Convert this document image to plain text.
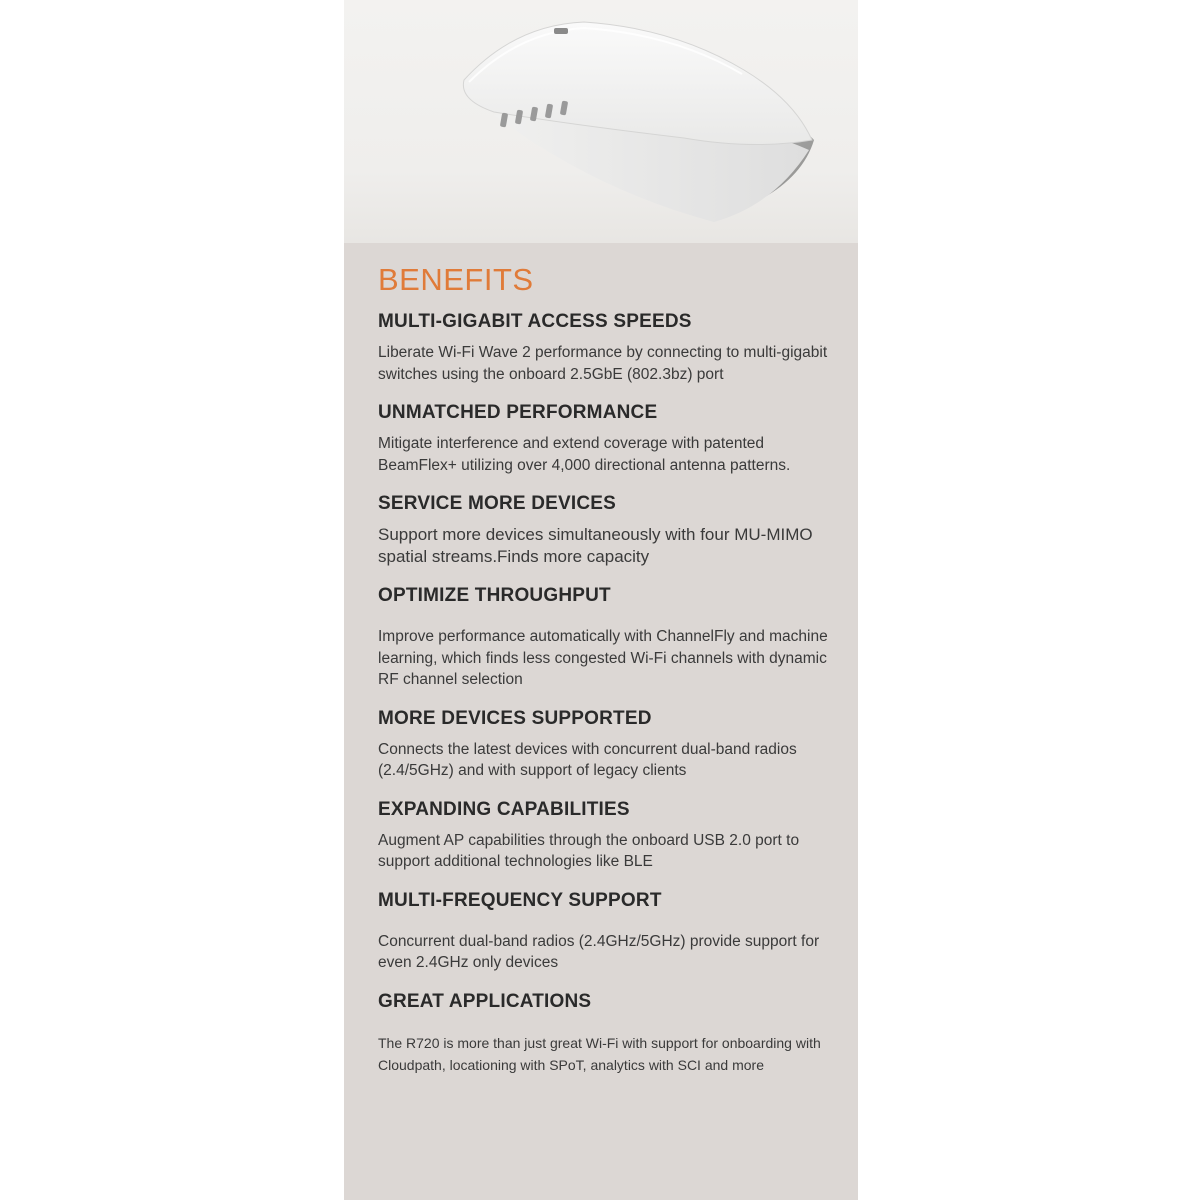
BENEFITS
MULTI-GIGABIT ACCESS SPEEDS

Liberate Wi-Fi Wave 2 performance by connecting to multi-gigabit switches using the onboard 2.5GbE (802.3bz) port

UNMATCHED PERFORMANCE

Mitigate interference and extend coverage with patented BeamFlex+ utilizing over 4,000 directional antenna patterns.

SERVICE MORE DEVICES

Support more devices simultaneously with four MU-MIMO spatial streams.Finds more capacity

OPTIMIZE THROUGHPUT

Improve performance automatically with ChannelFly and machine learning, which finds less congested Wi-Fi channels with dynamic RF channel selection

MORE DEVICES SUPPORTED

Connects the latest devices with concurrent dual-band radios (2.4/5GHz) and with support of legacy clients

EXPANDING CAPABILITIES

Augment AP capabilities through the onboard USB 2.0 port to support additional technologies like BLE

MULTI-FREQUENCY SUPPORT

Concurrent dual-band radios (2.4GHz/5GHz) provide support for even 2.4GHz only devices

GREAT APPLICATIONS

The R720 is more than just great Wi-Fi with support for onboarding with Cloudpath, locationing with SPoT, analytics with SCI and more
